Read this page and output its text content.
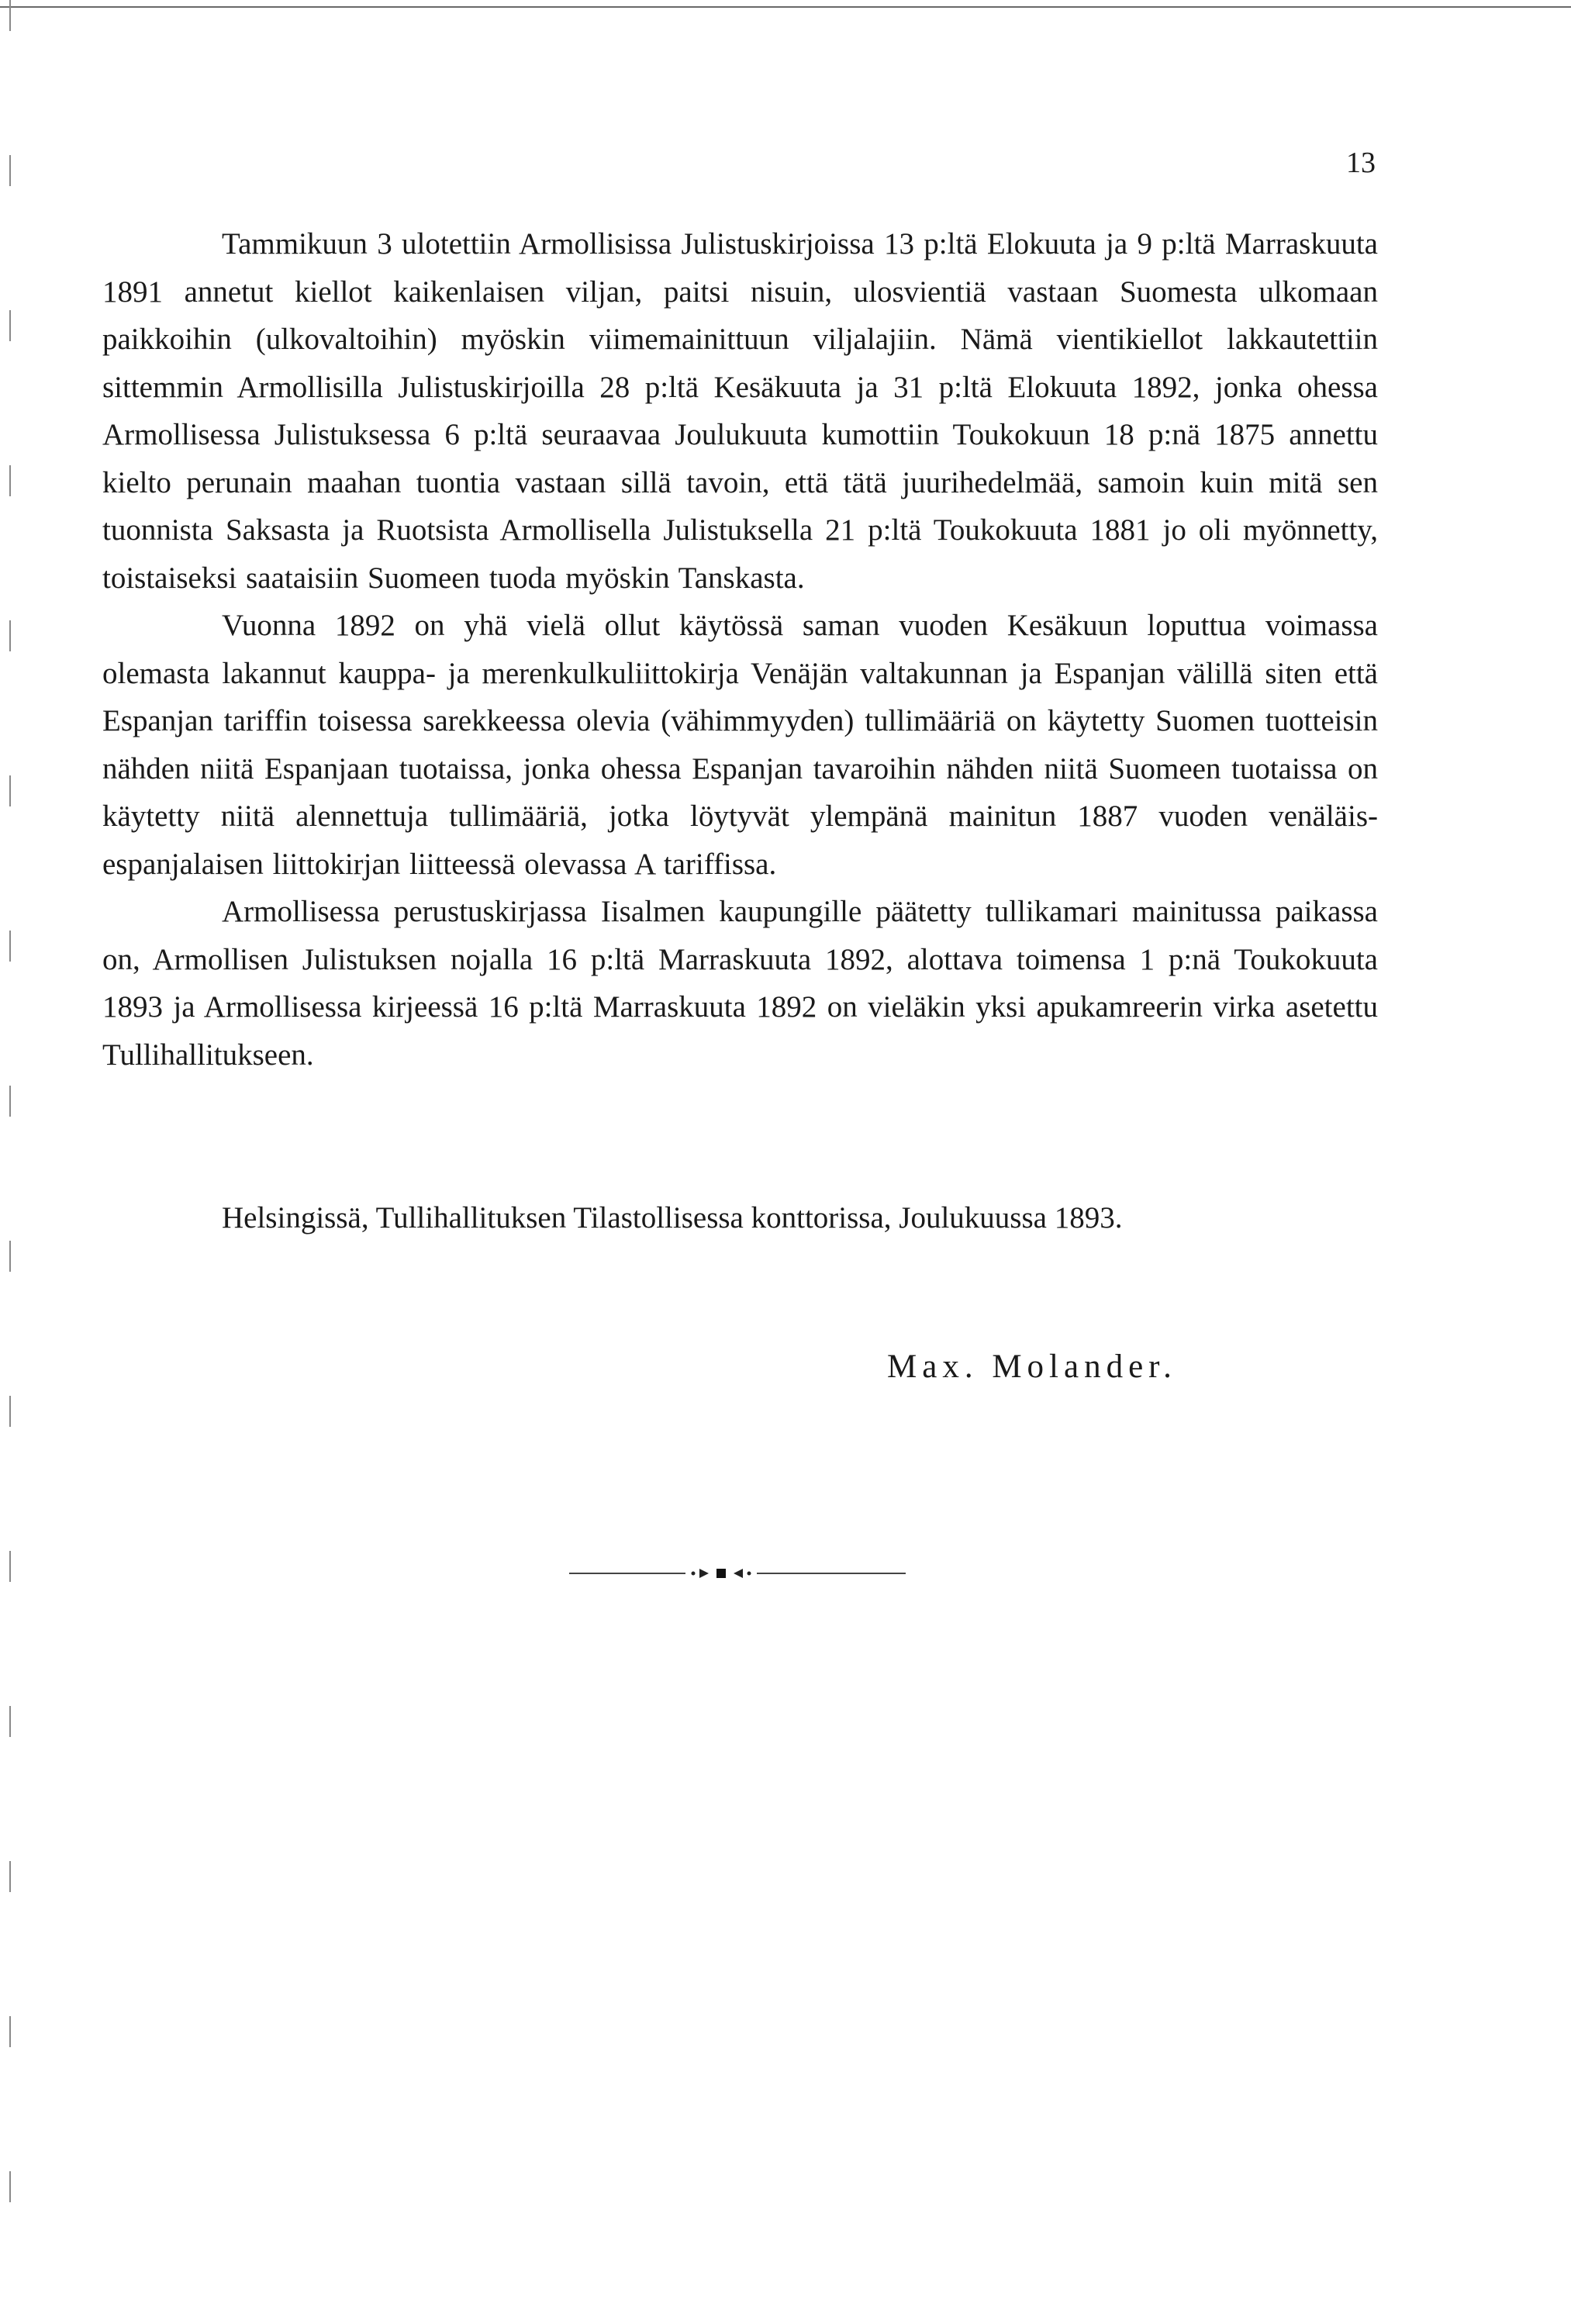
13

Tammikuun 3 ulotettiin Armollisissa Julistuskirjoissa 13 p:ltä Elokuuta ja 9 p:ltä Marraskuuta 1891 annetut kiellot kaikenlaisen viljan, paitsi nisuin, ulosvientiä vastaan Suomesta ulkomaan paikkoihin (ulkovaltoihin) myöskin viimemainittuun viljalajiin. Nämä vientikiellot lakkautettiin sittemmin Armollisilla Julistuskirjoilla 28 p:ltä Kesäkuuta ja 31 p:ltä Elokuuta 1892, jonka ohessa Armollisessa Julistuksessa 6 p:ltä seuraavaa Joulukuuta kumottiin Toukokuun 18 p:nä 1875 annettu kielto perunain maahan tuontia vastaan sillä tavoin, että tätä juurihedelmää, samoin kuin mitä sen tuonnista Saksasta ja Ruotsista Armollisella Julistuksella 21 p:ltä Toukokuuta 1881 jo oli myönnetty, toistaiseksi saataisiin Suomeen tuoda myöskin Tanskasta.

Vuonna 1892 on yhä vielä ollut käytössä saman vuoden Kesäkuun loputtua voimassa olemasta lakannut kauppa- ja merenkulkuliittokirja Venäjän valtakunnan ja Espanjan välillä siten että Espanjan tariffin toisessa sarekkeessa olevia (vähimmyyden) tullimääriä on käytetty Suomen tuotteisin nähden niitä Espanjaan tuotaissa, jonka ohessa Espanjan tavaroihin nähden niitä Suomeen tuotaissa on käytetty niitä alennettuja tullimääriä, jotka löytyvät ylempänä mainitun 1887 vuoden venäläis-espanjalaisen liittokirjan liitteessä olevassa A tariffissa.

Armollisessa perustuskirjassa Iisalmen kaupungille päätetty tullikamari mainitussa paikassa on, Armollisen Julistuksen nojalla 16 p:ltä Marraskuuta 1892, alottava toimensa 1 p:nä Toukokuuta 1893 ja Armollisessa kirjeessä 16 p:ltä Marraskuuta 1892 on vieläkin yksi apukamreerin virka asetettu Tullihallitukseen.

Helsingissä, Tullihallituksen Tilastollisessa konttorissa, Joulukuussa 1893.
Max. Molander.
